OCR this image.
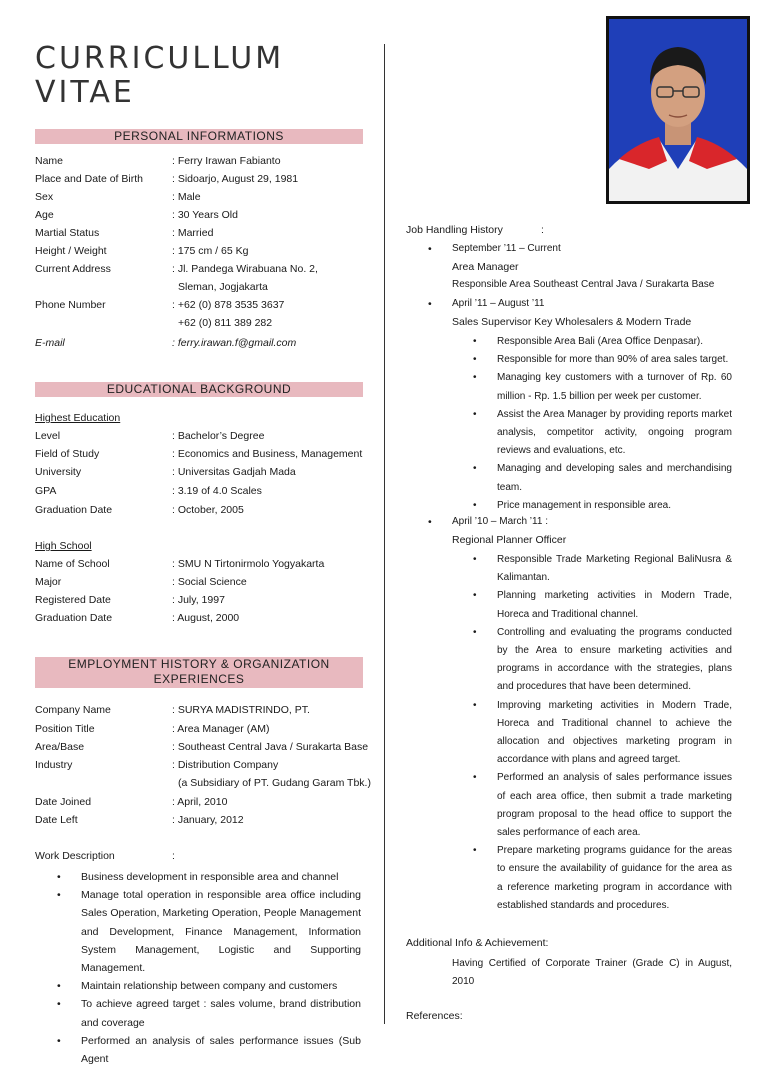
CURRICULLUM
VITAE
PERSONAL INFORMATIONS
Name	: Ferry Irawan Fabianto
Place and Date of Birth	: Sidoarjo, August 29, 1981
Sex	: Male
Age	: 30 Years Old
Martial Status	: Married
Height / Weight	: 175 cm / 65 Kg
Current Address	: Jl. Pandega Wirabuana No. 2,
Sleman, Jogjakarta
Phone Number	: +62 (0) 878 3535 3637
+62 (0) 811 389 282
E-mail	: ferry.irawan.f@gmail.com
EDUCATIONAL BACKGROUND
Highest Education
Level	: Bachelor’s Degree
Field of Study	: Economics and Business, Management
University	: Universitas Gadjah Mada
GPA	: 3.19 of 4.0 Scales
Graduation Date	: October, 2005
High School
Name of School	: SMU N Tirtonirmolo Yogyakarta
Major	: Social Science
Registered Date	: July, 1997
Graduation Date	: August, 2000
EMPLOYMENT HISTORY & ORGANIZATION
EXPERIENCES
Company Name	: SURYA MADISTRINDO, PT.
Position Title	: Area Manager (AM)
Area/Base	: Southeast Central Java / Surakarta Base
Industry	: Distribution Company
(a Subsidiary of PT. Gudang Garam Tbk.)
Date Joined	: April, 2010
Date Left	: January, 2012
Work Description	:
• Business development in responsible area and channel
• Manage total operation in responsible area office including Sales Operation, Marketing Operation, People Management and Development, Finance Management, Information System Management, Logistic and Supporting Management.
• Maintain relationship between company and customers
• To achieve agreed target : sales volume, brand distribution and coverage
• Performed an analysis of sales performance issues (Sub Agent
Job Handling History	:
• September ’11 – Current
Area Manager
Responsible Area Southeast Central Java / Surakarta Base
• April ’11 – August ’11
Sales Supervisor Key Wholesalers & Modern Trade
• Responsible Area Bali (Area Office Denpasar).
• Responsible for more than 90% of area sales target.
• Managing key customers with a turnover of Rp. 60 million - Rp. 1.5 billion per week per customer.
• Assist the Area Manager by providing reports market analysis, competitor activity, ongoing program reviews and evaluations, etc.
• Managing and developing sales and merchandising team.
• Price management in responsible area.
• April ’10 – March ’11 :
Regional Planner Officer
• Responsible Trade Marketing Regional BaliNusra & Kalimantan.
• Planning marketing activities in Modern Trade, Horeca and Traditional channel.
• Controlling and evaluating the programs conducted by the Area to ensure marketing activities and programs in accordance with the strategies, plans and procedures that have been determined.
• Improving marketing activities in Modern Trade, Horeca and Traditional channel to achieve the allocation and objectives marketing program in accordance with plans and agreed target.
• Performed an analysis of sales performance issues of each area office, then submit a trade marketing program proposal to the head office to support the sales performance of each area.
• Prepare marketing programs guidance for the areas to ensure the availability of guidance for the area as a reference marketing program in accordance with established standards and procedures.
Additional Info & Achievement:
Having Certified of Corporate Trainer (Grade C) in August, 2010
References:
